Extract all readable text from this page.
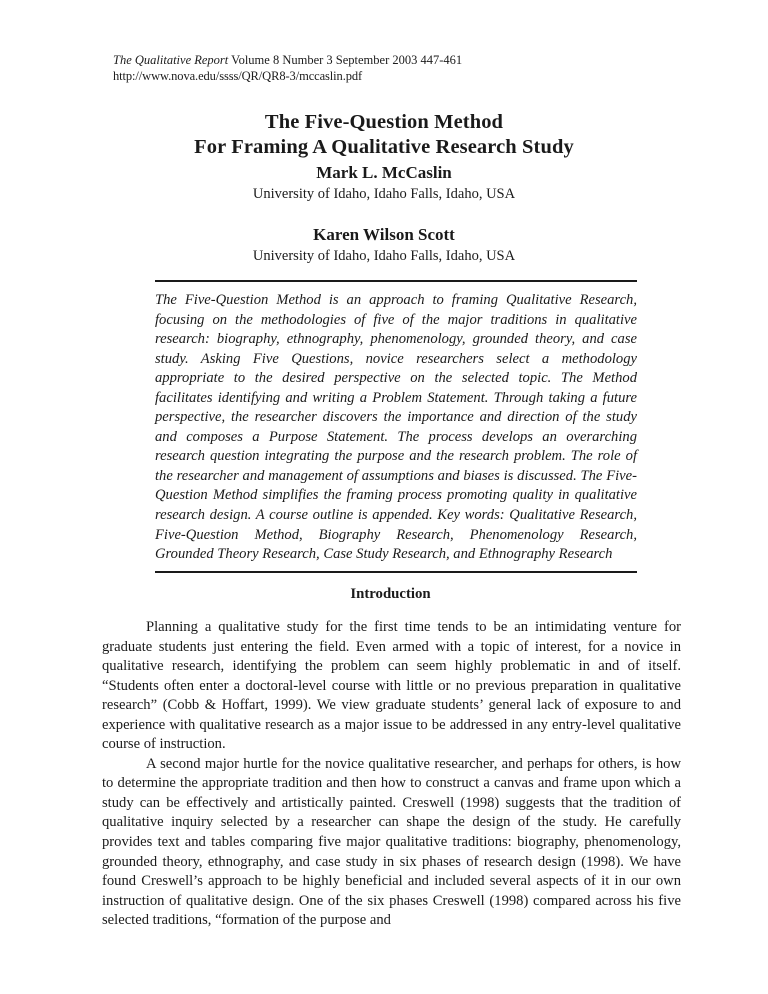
The Qualitative Report Volume 8 Number 3 September 2003 447-461
http://www.nova.edu/ssss/QR/QR8-3/mccaslin.pdf
The Five-Question Method
For Framing A Qualitative Research Study
Mark L. McCaslin
University of Idaho, Idaho Falls, Idaho, USA
Karen Wilson Scott
University of Idaho, Idaho Falls, Idaho, USA

The Five-Question Method is an approach to framing Qualitative Research, focusing on the methodologies of five of the major traditions in qualitative research: biography, ethnography, phenomenology, grounded theory, and case study. Asking Five Questions, novice researchers select a methodology appropriate to the desired perspective on the selected topic. The Method facilitates identifying and writing a Problem Statement. Through taking a future perspective, the researcher discovers the importance and direction of the study and composes a Purpose Statement. The process develops an overarching research question integrating the purpose and the research problem. The role of the researcher and management of assumptions and biases is discussed. The Five-Question Method simplifies the framing process promoting quality in qualitative research design. A course outline is appended. Key words: Qualitative Research, Five-Question Method, Biography Research, Phenomenology Research, Grounded Theory Research, Case Study Research, and Ethnography Research

Introduction

Planning a qualitative study for the first time tends to be an intimidating venture for graduate students just entering the field. Even armed with a topic of interest, for a novice in qualitative research, identifying the problem can seem highly problematic in and of itself. “Students often enter a doctoral-level course with little or no previous preparation in qualitative research” (Cobb & Hoffart, 1999). We view graduate students’ general lack of exposure to and experience with qualitative research as a major issue to be addressed in any entry-level qualitative course of instruction.

A second major hurtle for the novice qualitative researcher, and perhaps for others, is how to determine the appropriate tradition and then how to construct a canvas and frame upon which a study can be effectively and artistically painted. Creswell (1998) suggests that the tradition of qualitative inquiry selected by a researcher can shape the design of the study. He carefully provides text and tables comparing five major qualitative traditions: biography, phenomenology, grounded theory, ethnography, and case study in six phases of research design (1998). We have found Creswell’s approach to be highly beneficial and included several aspects of it in our own instruction of qualitative design. One of the six phases Creswell (1998) compared across his five selected traditions, “formation of the purpose and
